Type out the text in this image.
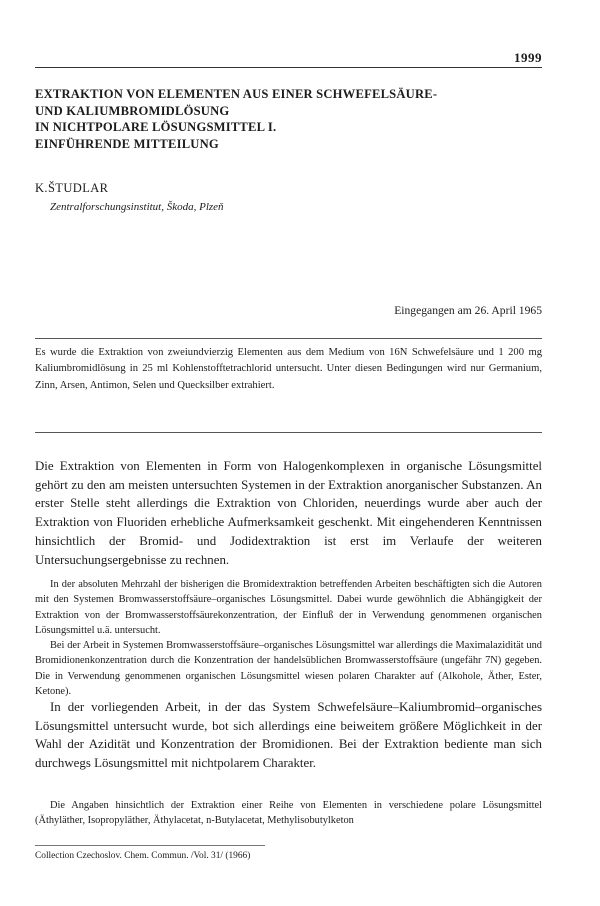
1999
EXTRAKTION VON ELEMENTEN AUS EINER SCHWEFELSÄURE-
UND KALIUMBROMIDLÖSUNG
IN NICHTPOLARE LÖSUNGSMITTEL I.
EINFÜHRENDE MITTEILUNG
K.ŠTUDLAR
Zentralforschungsinstitut, Škoda, Plzeň
Eingegangen am 26. April 1965
Es wurde die Extraktion von zweiundvierzig Elementen aus dem Medium von 16N Schwefelsäure und 1 200 mg Kaliumbromidlösung in 25 ml Kohlenstofftetrachlorid untersucht. Unter diesen Bedingungen wird nur Germanium, Zinn, Arsen, Antimon, Selen und Quecksilber extrahiert.
Die Extraktion von Elementen in Form von Halogenkomplexen in organische Lösungsmittel gehört zu den am meisten untersuchten Systemen in der Extraktion anorganischer Substanzen. An erster Stelle steht allerdings die Extraktion von Chloriden, neuerdings wurde aber auch der Extraktion von Fluoriden erhebliche Aufmerksamkeit geschenkt. Mit eingehenderen Kenntnissen hinsichtlich der Bromid- und Jodidextraktion ist erst im Verlaufe der weiteren Untersuchungsergebnisse zu rechnen.
In der absoluten Mehrzahl der bisherigen die Bromidextraktion betreffenden Arbeiten beschäftigten sich die Autoren mit den Systemen Bromwasserstoffsäure–organisches Lösungsmittel. Dabei wurde gewöhnlich die Abhängigkeit der Extraktion von der Bromwasserstoffsäurekonzentration, der Einfluß der in Verwendung genommenen organischen Lösungsmittel u.ä. untersucht.
Bei der Arbeit in Systemen Bromwasserstoffsäure–organisches Lösungsmittel war allerdings die Maximalazidität und Bromidionenkonzentration durch die Konzentration der handelsüblichen Bromwasserstoffsäure (ungefähr 7N) gegeben. Die in Verwendung genommenen organischen Lösungsmittel wiesen polaren Charakter auf (Alkohole, Äther, Ester, Ketone).
In der vorliegenden Arbeit, in der das System Schwefelsäure–Kaliumbromid–organisches Lösungsmittel untersucht wurde, bot sich allerdings eine beiweitem größere Möglichkeit in der Wahl der Azidität und Konzentration der Bromidionen. Bei der Extraktion bediente man sich durchwegs Lösungsmittel mit nichtpolarem Charakter.
Die Angaben hinsichtlich der Extraktion einer Reihe von Elementen in verschiedene polare Lösungsmittel (Äthyläther, Isopropyläther, Äthylacetat, n-Butylacetat, Methylisobutylketon
Collection Czechoslov. Chem. Commun. /Vol. 31/ (1966)
